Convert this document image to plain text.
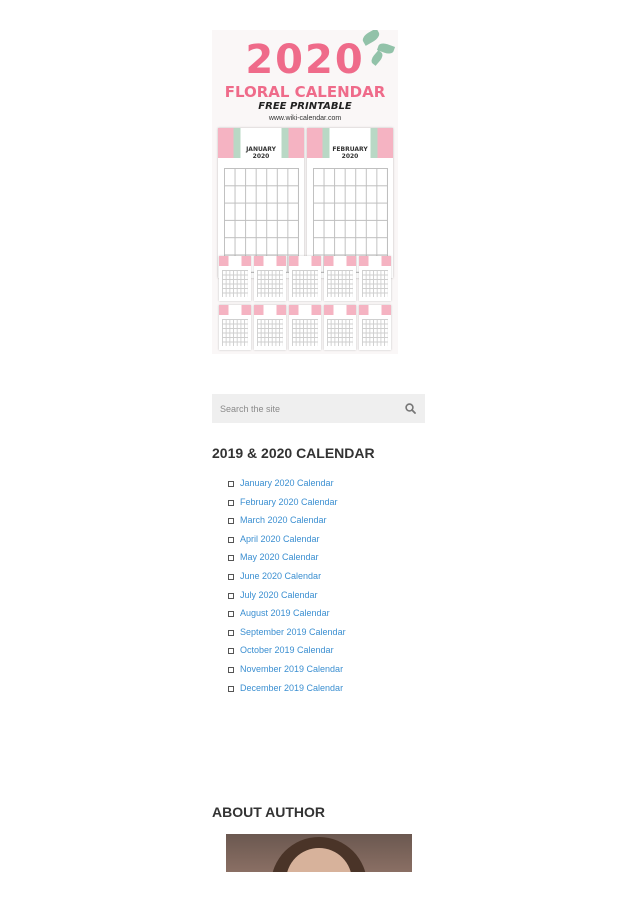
2020
FLORAL CALENDAR
FREE PRINTABLE
www.wiki-calendar.com
JANUARY
2020
FEBRUARY
2020
Search the site
2019 & 2020 CALENDAR
January 2020 Calendar
February 2020 Calendar
March 2020 Calendar
April 2020 Calendar
May 2020 Calendar
June 2020 Calendar
July 2020 Calendar
August 2019 Calendar
September 2019 Calendar
October 2019 Calendar
November 2019 Calendar
December 2019 Calendar
ABOUT AUTHOR
